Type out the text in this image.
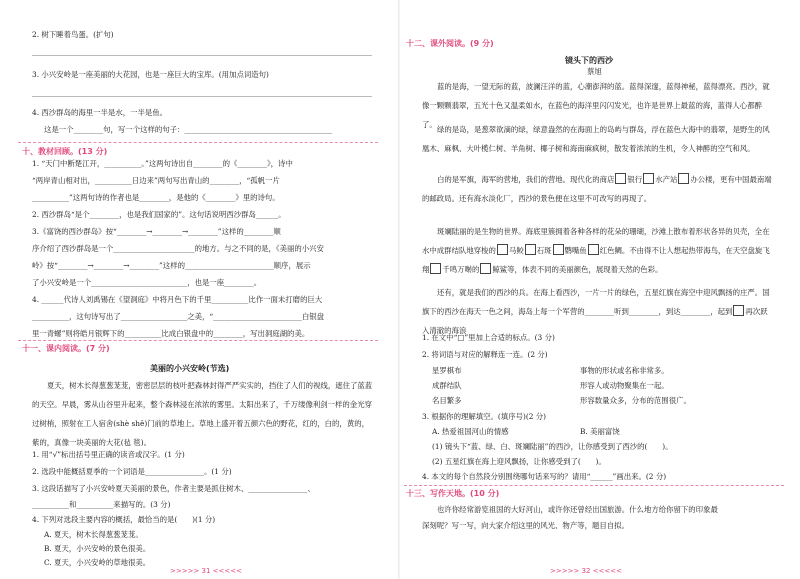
2. 树下睡着鸟蛋。(扩句)
3. 小兴安岭是一座美丽的大花园，也是一座巨大的宝库。(用加点词造句)
4. 西沙群岛的海里一半是水，一半是鱼。
这是一个________句，写一个这样的句子：________________________________________
十、教材回顾。(13 分)
1. “天门中断楚江开，__________。”这两句诗出自________的《________》，诗中
“两岸青山相对出，__________日边来”两句写出青山的________，“孤帆一片
__________”这两句诗的作者也是________，是他的《________》里的诗句。
2. 西沙群岛“是个________，也是我们国家的”。这句话说明西沙群岛______。
3.《富饶的西沙群岛》按“________→________→________”这样的________顺
序介绍了西沙群岛是一个______________________的地方。与之不同的是，《美丽的小兴安
岭》按“________→________→________”这样的________________________顺序，展示
了小兴安岭是一个__________________________，也是一座________。
4. ______代诗人刘禹锡在《望洞庭》中将月色下的千里__________比作一面未打磨的巨大
__________，这句诗写出了__________________之美，“________________________白银盘
里一青螺”则将皓月银辉下的__________比成白银盘中的________，写出洞庭湖的美。
十一、课内阅读。(7 分)
美丽的小兴安岭(节选)
夏天，树木长得葱葱茏茏，密密层层的枝叶把森林封得严严实实的，挡住了人们的视线，遮住了蓝蓝的天空。早晨，雾从山谷里升起来，整个森林浸在浓浓的雾里。太阳出来了，千万缕像利剑一样的金光穿过树梢，照射在工人宿舍(shè shě)门前的草地上。草地上盛开着五颜六色的野花，红的，白的，黄的，紫的，真像一块美丽的大花(毡 毯)。
1. 用“√”标出括号里正确的读音或汉字。(1 分)
2. 选段中能概括夏季的一个词语是________________。(1 分)
3. 这段话描写了小兴安岭夏天美丽的景色，作者主要是抓住树木、________________、
__________和__________来描写的。(3 分)
4. 下列对选段主要内容的概括，最恰当的是(　　)(1 分)
A. 夏天，树木长得葱葱茏茏。
B. 夏天，小兴安岭的景色很美。
C. 夏天，小兴安岭的草地很美。
>>>>> 31 <<<<<
十二、课外阅读。(9 分)
镜头下的西沙
蔡旭
蓝的是海，一望无际的蓝，波澜汪洋的蓝，心潮澎湃的蓝。蓝得深邃，蓝得神秘，蓝得漂亮。西沙，就像一颗颗翡翠，五光十色又温柔如水，在蓝色的海洋里闪闪发光，也许是世界上最蓝的海，蓝得人心都醉了。
绿的是岛，是葱翠欲滴的绿，绿意盎然的在海面上的岛屿与群岛，浮在蓝色大海中的翡翠，是野生的风凰木、麻枫、大叶榄仁树、羊角树、椰子树和海南麻疯树，散发着浓浓的生机，令人神醉的空气和风。
白的是军旗，海军的营地，我们的营地。现代化的商店 银行 水产站 办公楼，更有中国最南端的邮政局。还有海水淡化厂，西沙的景色便在这里不可改写的再现了。
斑斓陆丽的是生物的世界。海底里簇拥着各种各样的花朵的珊瑚，沙滩上散布着形状各异的贝壳，全在水中成群结队地穿梭的 马鲛 石斑 鹦嘴鱼 红色鲷。不由得不让人想起热带海鸟，在天空盘旋飞翔 千鸣万啭的 鲸鲨等，体表不同的美丽颜色，展现着天然的色彩。
还有，就是我们的西沙的兵。在海上看西沙，一片一片的绿色，五星红旗在海空中迎风飘扬的庄严。国旗下的西沙在海天一色之间，海岛上每一个军营的________听到________，到达________，起到 再次跃入清澈的海浪
1. 在文中“□”里加上合适的标点。(3 分)
2. 将词语与对应的解释连一连。(2 分)
星罗棋布	事物的形状或名称非常多。
成群结队	形容人或动物聚集在一起。
名目繁多	形容数量众多，分布的范围很广。
3. 根据你的理解填空。(填序号)(2 分)
A. 热爱祖国河山的情感	B. 美丽富饶
(1) 镜头下“蓝、绿、白、斑斓陆丽”的西沙，让你感受到了西沙的(　　)。
(2) 五星红旗在海上迎风飘扬，让你感受到了(　　)。
4. 本文的每个自然段分别围绕哪句话来写的？请用“______”画出来。(2 分)
十三、写作天地。(10 分)
也许你经常游览祖国的大好河山，或许你还曾经出国旅游。什么地方给你留下的印象最
深刻呢？写一写，向大家介绍这里的风光、物产等，题目自拟。
>>>>> 32 <<<<<
